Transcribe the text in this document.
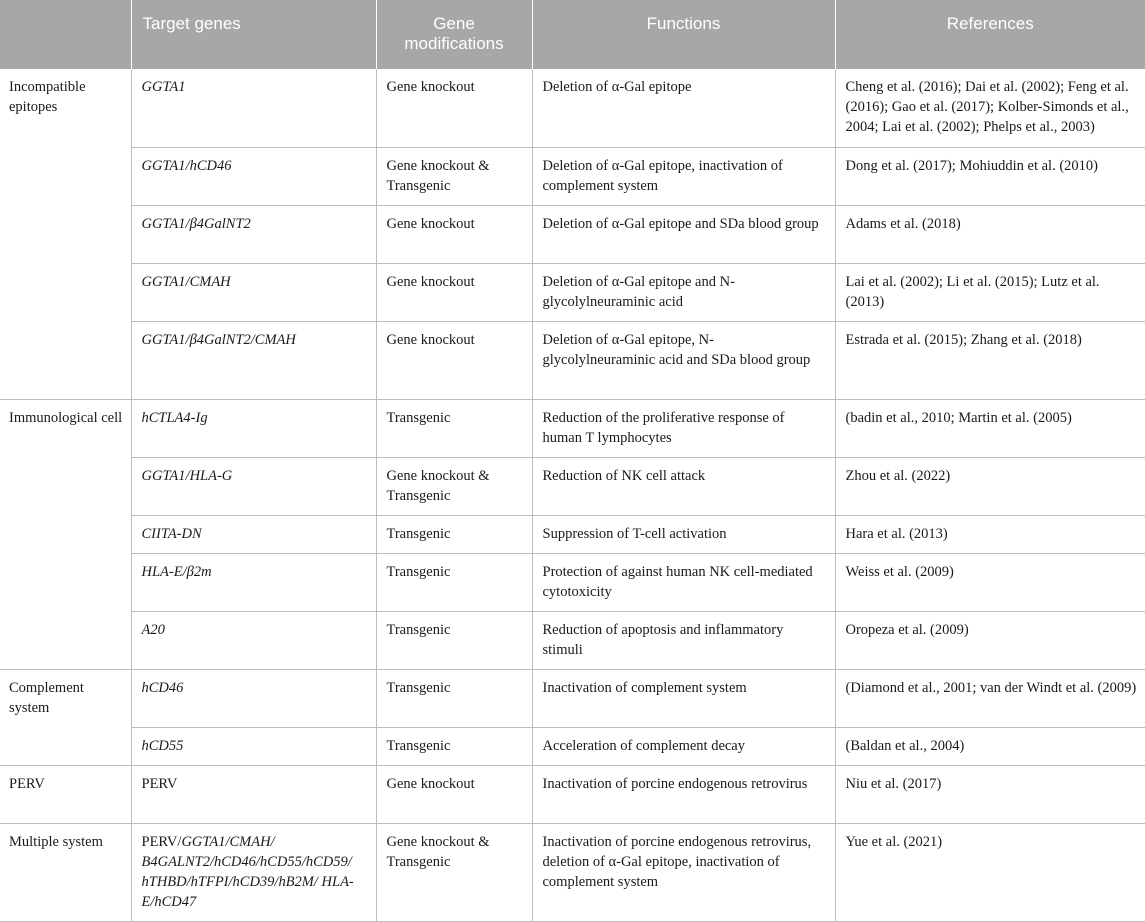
	Target genes	Gene modifications	Functions	References

Incompatible epitopes	GGTA1	Gene knockout	Deletion of α-Gal epitope	Cheng et al. (2016); Dai et al. (2002); Feng et al. (2016); Gao et al. (2017); Kolber-Simonds et al., 2004; Lai et al. (2002); Phelps et al., 2003)
	GGTA1/hCD46	Gene knockout & Transgenic	Deletion of α-Gal epitope, inactivation of complement system	Dong et al. (2017); Mohiuddin et al. (2010)
	GGTA1/β4GalNT2	Gene knockout	Deletion of α-Gal epitope and SDa blood group	Adams et al. (2018)
	GGTA1/CMAH	Gene knockout	Deletion of α-Gal epitope and N-glycolylneuraminic acid	Lai et al. (2002); Li et al. (2015); Lutz et al. (2013)
	GGTA1/β4GalNT2/CMAH	Gene knockout	Deletion of α-Gal epitope, N-glycolylneuraminic acid and SDa blood group	Estrada et al. (2015); Zhang et al. (2018)
Immunological cell	hCTLA4-Ig	Transgenic	Reduction of the proliferative response of human T lymphocytes	(badin et al., 2010; Martin et al. (2005)
	GGTA1/HLA-G	Gene knockout & Transgenic	Reduction of NK cell attack	Zhou et al. (2022)
	CIITA-DN	Transgenic	Suppression of T-cell activation	Hara et al. (2013)
	HLA-E/β2m	Transgenic	Protection of against human NK cell-mediated cytotoxicity	Weiss et al. (2009)
	A20	Transgenic	Reduction of apoptosis and inflammatory stimuli	Oropeza et al. (2009)
Complement system	hCD46	Transgenic	Inactivation of complement system	(Diamond et al., 2001; van der Windt et al. (2009)
	hCD55	Transgenic	Acceleration of complement decay	(Baldan et al., 2004)
PERV	PERV	Gene knockout	Inactivation of porcine endogenous retrovirus	Niu et al. (2017)
Multiple system	PERV/GGTA1/CMAH/ B4GALNT2/hCD46/hCD55/hCD59/ hTHBD/hTFPI/hCD39/hB2M/ HLA-E/hCD47	Gene knockout & Transgenic	Inactivation of porcine endogenous retrovirus, deletion of α-Gal epitope, inactivation of complement system	Yue et al. (2021)
